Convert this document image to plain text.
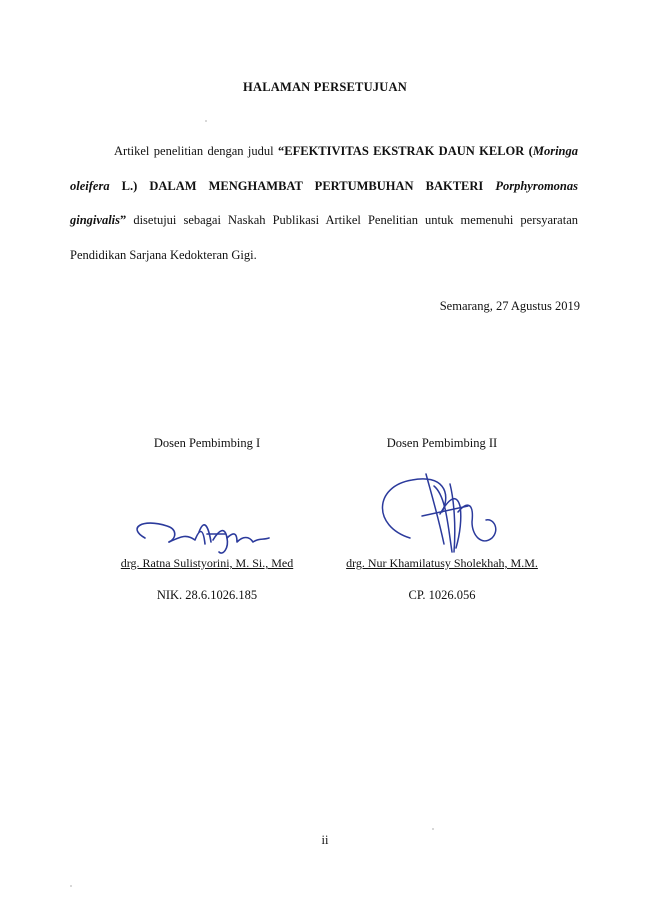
HALAMAN PERSETUJUAN

Artikel penelitian dengan judul “EFEKTIVITAS EKSTRAK DAUN KELOR (Moringa oleifera L.) DALAM MENGHAMBAT PERTUMBUHAN BAKTERI Porphyromonas gingivalis” disetujui sebagai Naskah Publikasi Artikel Penelitian untuk memenuhi persyaratan Pendidikan Sarjana Kedokteran Gigi.

Semarang, 27 Agustus 2019
Dosen Pembimbing I
drg. Ratna Sulistyorini, M. Si., Med
NIK. 28.6.1026.185
Dosen Pembimbing II
drg. Nur Khamilatusy Sholekhah, M.M.
CP. 1026.056
ii
